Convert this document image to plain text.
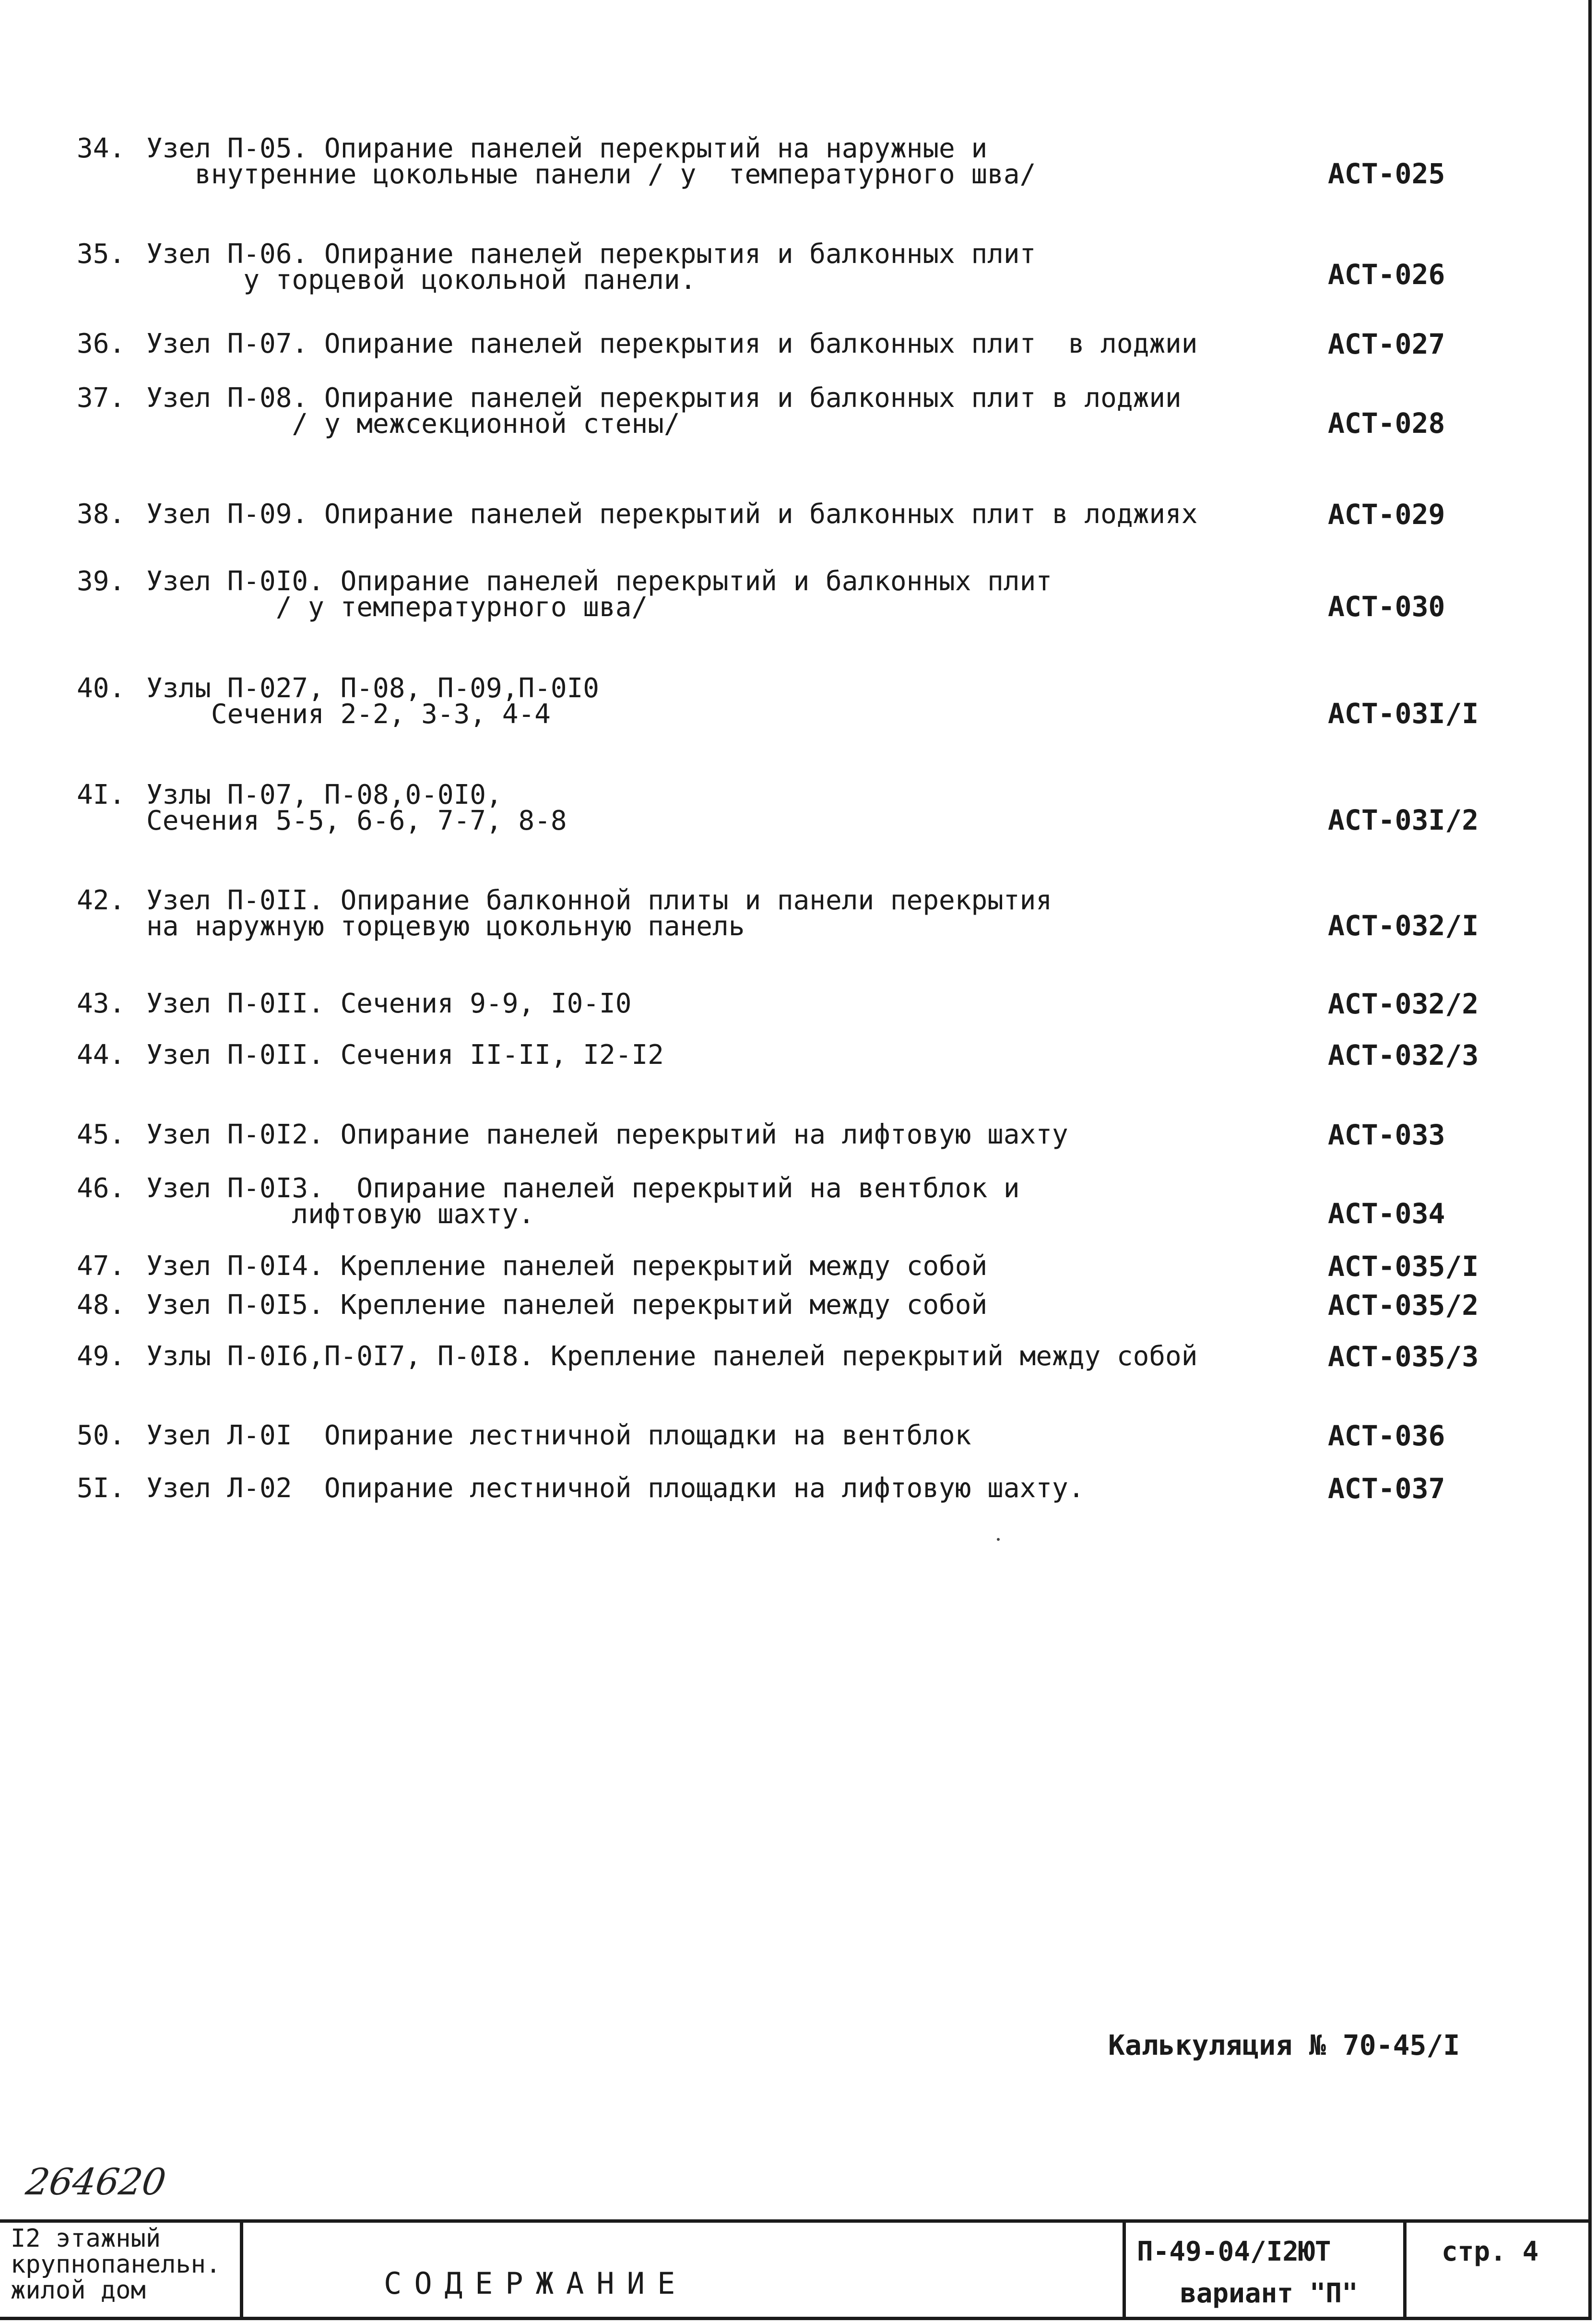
34. Узел П-05. Опирание панелей перекрытий на наружные и
внутренние цокольные панели / у  температурного шва/	АСТ-025
35. Узел П-06. Опирание панелей перекрытия и балконных плит
у торцевой цокольной панели.	АСТ-026
36. Узел П-07. Опирание панелей перекрытия и балконных плит  в лоджии	АСТ-027
37. Узел П-08. Опирание панелей перекрытия и балконных плит в лоджии
/ у межсекционной стены/	АСТ-028
38. Узел П-09. Опирание панелей перекрытий и балконных плит в лоджиях	АСТ-029
39. Узел П-0I0. Опирание панелей перекрытий и балконных плит
/ у температурного шва/	АСТ-030
40. Узлы П-027, П-08, П-09,П-0I0
Сечения 2-2, 3-3, 4-4	АСТ-03I/I
4I. Узлы П-07, П-08,0-0I0,
Сечения 5-5, 6-6, 7-7, 8-8	АСТ-03I/2
42. Узел П-0II. Опирание балконной плиты и панели перекрытия
на наружную торцевую цокольную панель	АСТ-032/I
43. Узел П-0II. Сечения 9-9, I0-I0	АСТ-032/2
44. Узел П-0II. Сечения II-II, I2-I2	АСТ-032/3
45. Узел П-0I2. Опирание панелей перекрытий на лифтовую шахту	АСТ-033
46. Узел П-0I3.  Опирание панелей перекрытий на вентблок и
лифтовую шахту.	АСТ-034
47. Узел П-0I4. Крепление панелей перекрытий между собой	АСТ-035/I
48. Узел П-0I5. Крепление панелей перекрытий между собой	АСТ-035/2
49. Узлы П-0I6,П-0I7, П-0I8. Крепление панелей перекрытий между собой	АСТ-035/3
50. Узел Л-0I  Опирание лестничной площадки на вентблок	АСТ-036
5I. Узел Л-02  Опирание лестничной площадки на лифтовую шахту.	АСТ-037
Калькуляция № 70-45/I
264620
I2 этажный
крупнопанельн.
жилой дом	СОДЕРЖАНИЕ
П-49-04/I2ЮТ
вариант "П"
стр. 4
